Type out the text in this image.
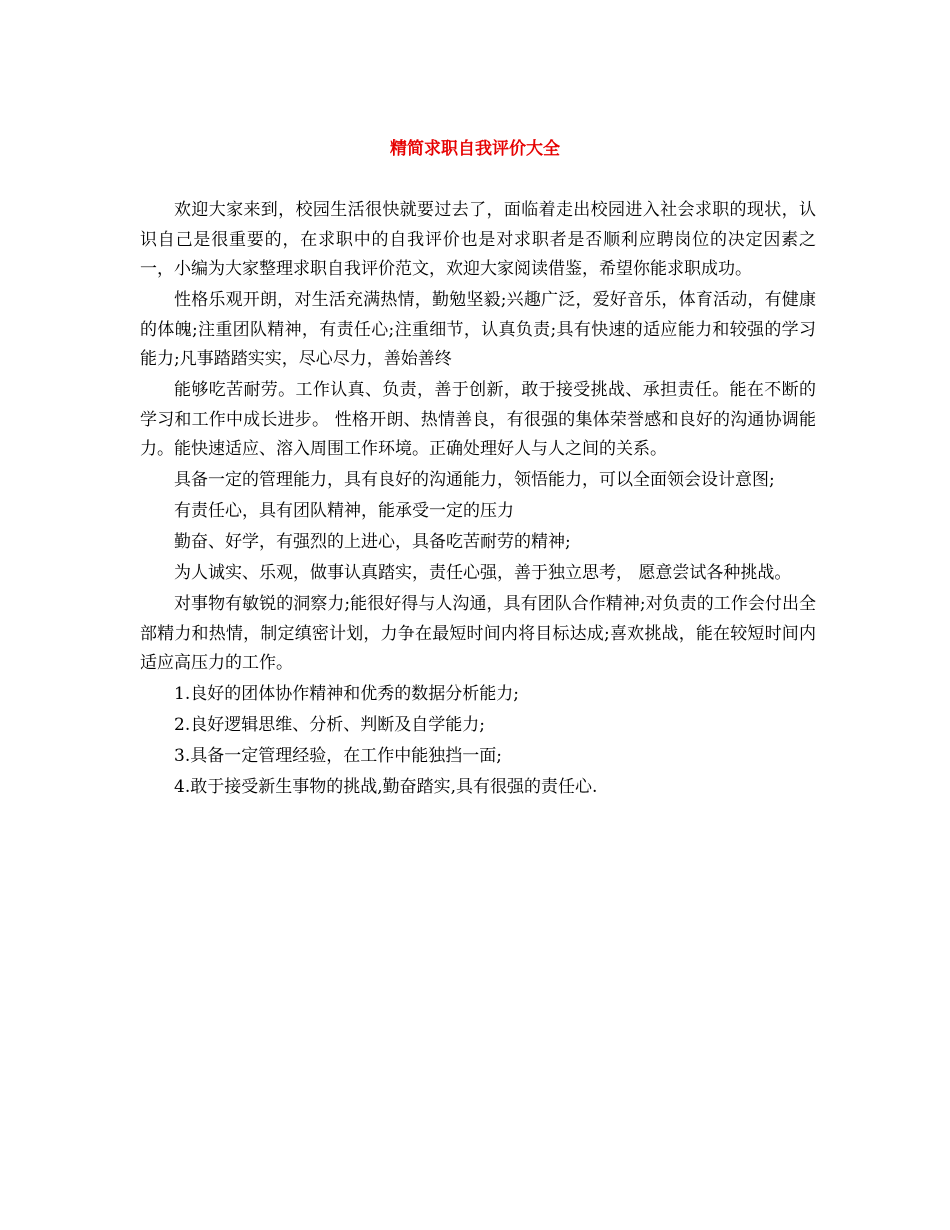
精简求职自我评价大全

欢迎大家来到，校园生活很快就要过去了，面临着走出校园进入社会求职的现状，认识自己是很重要的，在求职中的自我评价也是对求职者是否顺利应聘岗位的决定因素之一，小编为大家整理求职自我评价范文，欢迎大家阅读借鉴，希望你能求职成功。

性格乐观开朗，对生活充满热情，勤勉坚毅;兴趣广泛，爱好音乐，体育活动，有健康的体魄;注重团队精神，有责任心;注重细节，认真负责;具有快速的适应能力和较强的学习能力;凡事踏踏实实，尽心尽力，善始善终

能够吃苦耐劳。工作认真、负责，善于创新，敢于接受挑战、承担责任。能在不断的学习和工作中成长进步。 性格开朗、热情善良，有很强的集体荣誉感和良好的沟通协调能力。能快速适应、溶入周围工作环境。正确处理好人与人之间的关系。

具备一定的管理能力，具有良好的沟通能力，领悟能力，可以全面领会设计意图;

有责任心，具有团队精神，能承受一定的压力

勤奋、好学，有强烈的上进心，具备吃苦耐劳的精神;

为人诚实、乐观，做事认真踏实，责任心强，善于独立思考， 愿意尝试各种挑战。

对事物有敏锐的洞察力;能很好得与人沟通，具有团队合作精神;对负责的工作会付出全部精力和热情，制定缜密计划，力争在最短时间内将目标达成;喜欢挑战，能在较短时间内适应高压力的工作。

1.良好的团体协作精神和优秀的数据分析能力;

2.良好逻辑思维、分析、判断及自学能力;

3.具备一定管理经验，在工作中能独挡一面;

4.敢于接受新生事物的挑战,勤奋踏实,具有很强的责任心.
